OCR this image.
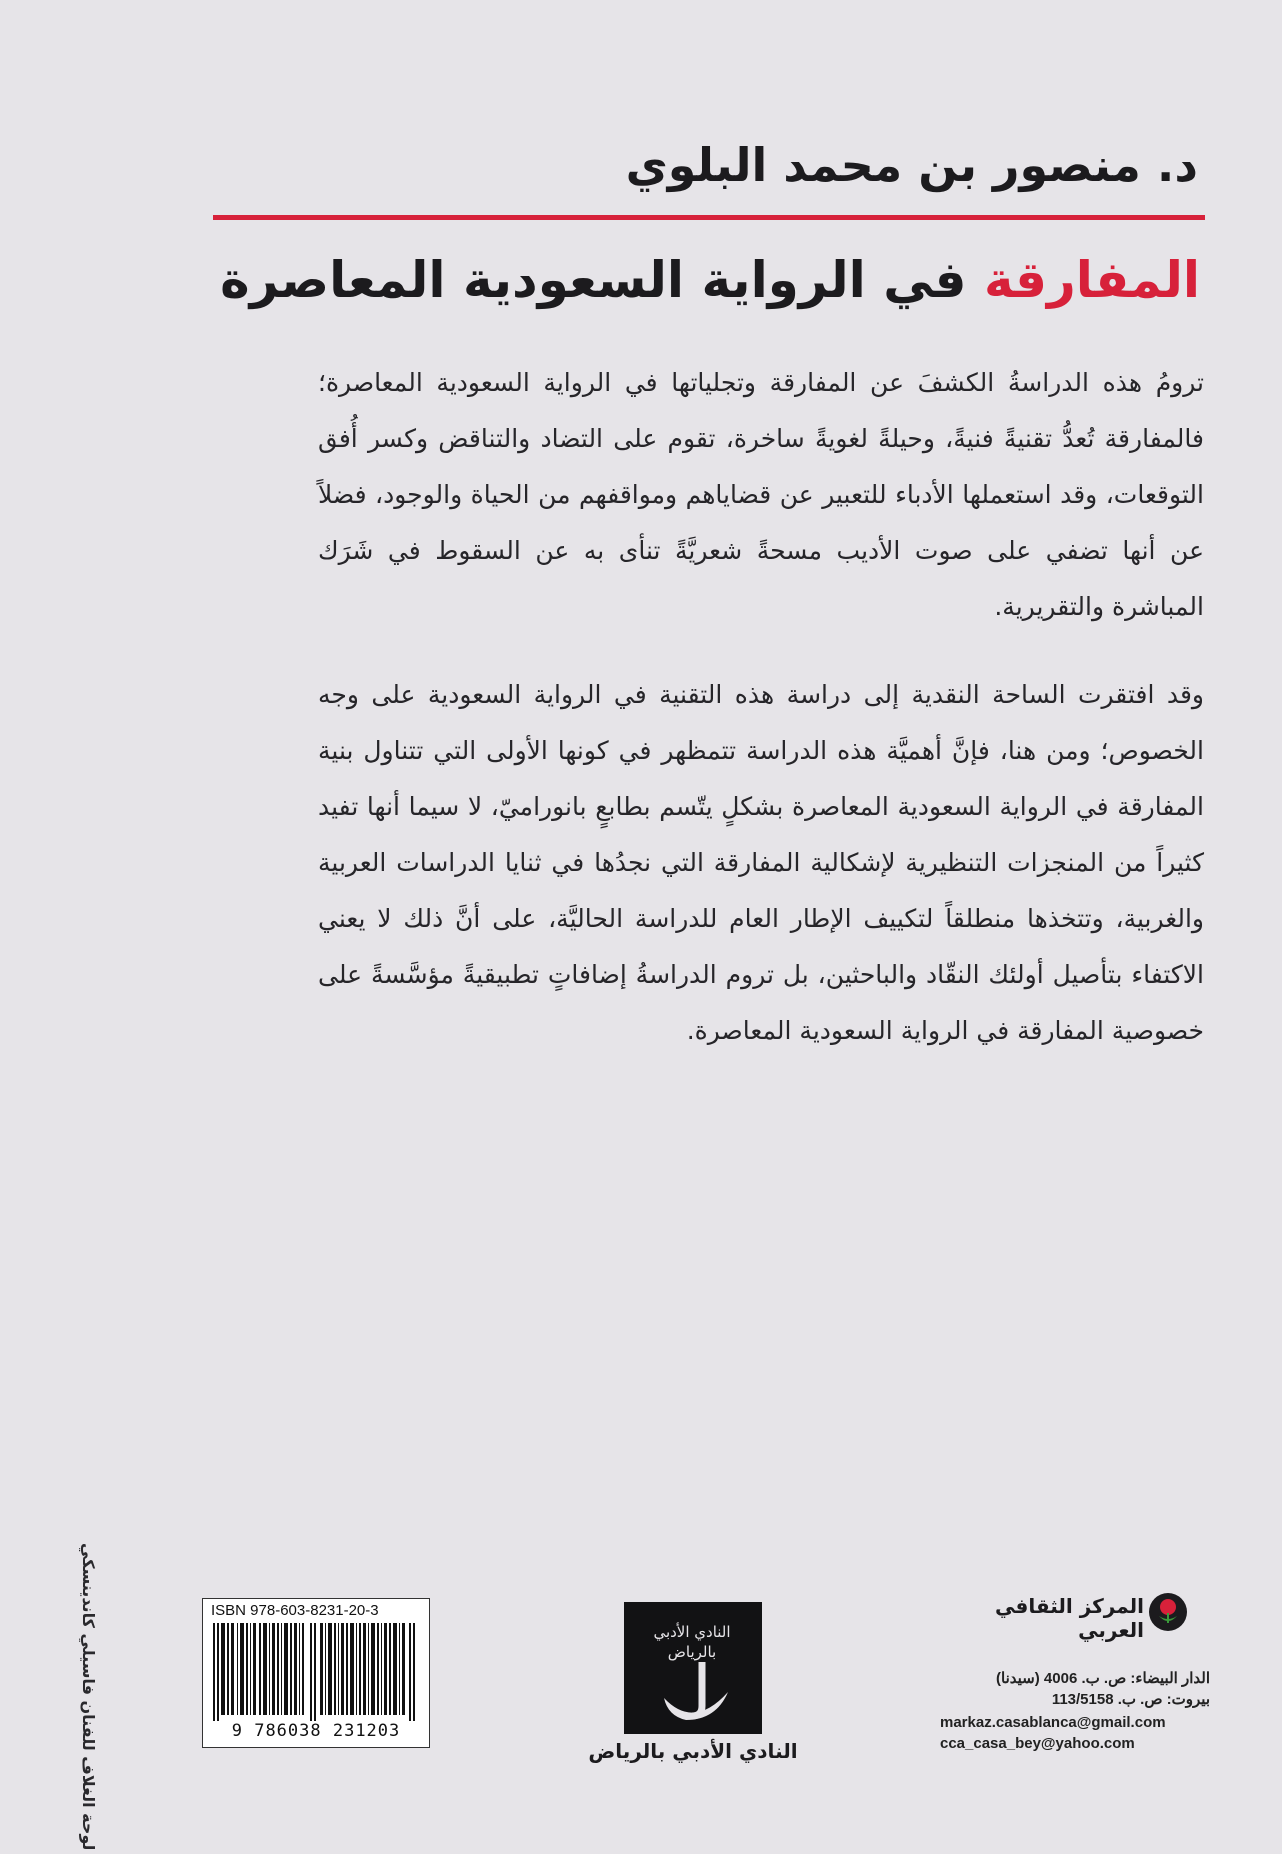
د. منصور بن محمد البلوي
المفارقة في الرواية السعودية المعاصرة

ترومُ هذه الدراسةُ الكشفَ عن المفارقة وتجلياتها في الرواية السعودية المعاصرة؛ فالمفارقة تُعدُّ تقنيةً فنيةً، وحيلةً لغويةً ساخرة، تقوم على التضاد والتناقض وكسر أُفق التوقعات، وقد استعملها الأدباء للتعبير عن قضاياهم ومواقفهم من الحياة والوجود، فضلاً عن أنها تضفي على صوت الأديب مسحةً شعريَّةً تنأى به عن السقوط في شَرَك المباشرة والتقريرية.

وقد افتقرت الساحة النقدية إلى دراسة هذه التقنية في الرواية السعودية على وجه الخصوص؛ ومن هنا، فإنَّ أهميَّة هذه الدراسة تتمظهر في كونها الأولى التي تتناول بنية المفارقة في الرواية السعودية المعاصرة بشكلٍ يتّسم بطابعٍ بانوراميّ، لا سيما أنها تفيد كثيراً من المنجزات التنظيرية لإشكالية المفارقة التي نجدُها في ثنايا الدراسات العربية والغربية، وتتخذها منطلقاً لتكييف الإطار العام للدراسة الحاليَّة، على أنَّ ذلك لا يعني الاكتفاء بتأصيل أولئك النقّاد والباحثين، بل تروم الدراسةُ إضافاتٍ تطبيقيةً مؤسَّسةً على خصوصية المفارقة في الرواية السعودية المعاصرة.

لوحة الغلاف للفنان فاسيلي كاندينسكي	ISBN 978-603-8231-20-3
9 786038 231203
النادي الأدبي بالرياض
النادي الأدبي بالرياض
المركز الثقافي العربي
الدار البيضاء: ص. ب. 4006 (سيدنا)
بيروت: ص. ب. 113/5158
markaz.casablanca@gmail.com
cca_casa_bey@yahoo.com
